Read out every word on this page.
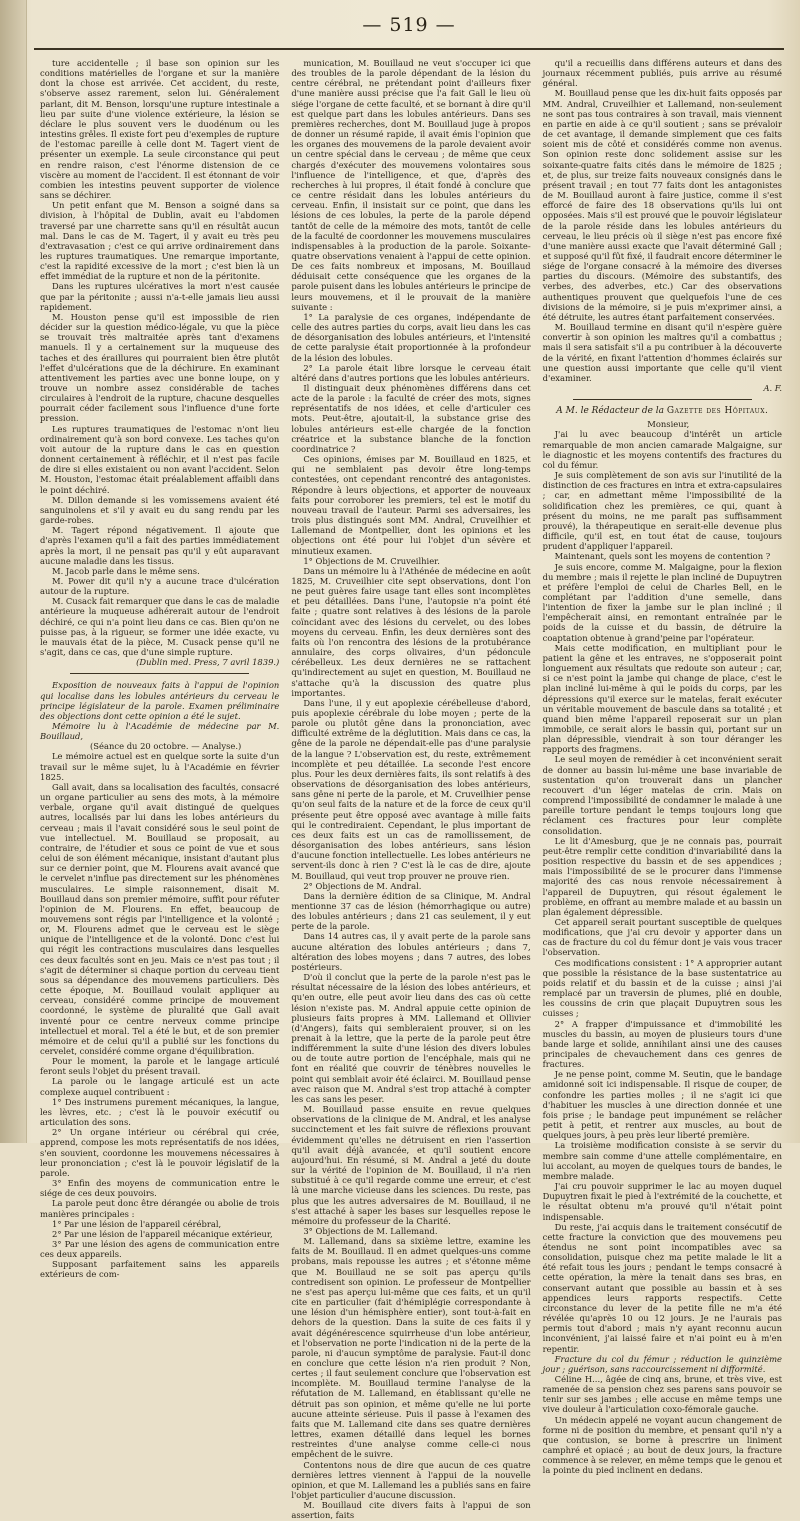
— 519 —

ture accidentelle ; il base son opinion sur les conditions matérielles de l'organe et sur la manière dont la chose est arrivée. Cet accident, du reste, s'observe assez rarement, selon lui. Généralement parlant, dit M. Benson, lorsqu'une rupture intestinale a lieu par suite d'une violence extérieure, la lésion se déclare le plus souvent vers le duodénum ou les intestins grêles. Il existe fort peu d'exemples de rupture de l'estomac pareille à celle dont M. Tagert vient de présenter un exemple. La seule circonstance qui peut en rendre raison, c'est l'énorme distension de ce viscère au moment de l'accident. Il est étonnant de voir combien les intestins peuvent supporter de violence sans se déchirer.

Un petit enfant que M. Benson a soigné dans sa division, à l'hôpital de Dublin, avait eu l'abdomen traversé par une charrette sans qu'il en résultât aucun mal. Dans le cas de M. Tagert, il y avait eu très peu d'extravasation ; c'est ce qui arrive ordinairement dans les ruptures traumatiques. Une remarque importante, c'est la rapidité excessive de la mort ; c'est bien là un effet immédiat de la rupture et non de la péritonite.

Dans les ruptures ulcératives la mort n'est causée que par la péritonite ; aussi n'a-t-elle jamais lieu aussi rapidement.

M. Houston pense qu'il est impossible de rien décider sur la question médico-légale, vu que la pièce se trouvait très maltraitée après tant d'examens manuels. Il y a certainement sur la muqueuse des taches et des éraillures qui pourraient bien être plutôt l'effet d'ulcérations que de la déchirure. En examinant attentivement les parties avec une bonne loupe, on y trouve un nombre assez considérable de taches circulaires à l'endroit de la rupture, chacune desquelles pourrait céder facilement sous l'influence d'une forte pression.

Les ruptures traumatiques de l'estomac n'ont lieu ordinairement qu'à son bord convexe. Les taches qu'on voit autour de la rupture dans le cas en question donnent certainement à réfléchir, et il n'est pas facile de dire si elles existaient ou non avant l'accident. Selon M. Houston, l'estomac était préalablement affaibli dans le point déchiré.

M. Dillon demande si les vomissemens avaient été sanguinolens et s'il y avait eu du sang rendu par les garde-robes.

M. Tagert répond négativement. Il ajoute que d'après l'examen qu'il a fait des parties immédiatement après la mort, il ne pensait pas qu'il y eût auparavant aucune maladie dans les tissus.

M. Jacob parle dans le même sens.

M. Power dit qu'il n'y a aucune trace d'ulcération autour de la rupture.

M. Cusack fait remarquer que dans le cas de maladie antérieure la muqueuse adhérerait autour de l'endroit déchiré, ce qui n'a point lieu dans ce cas. Bien qu'on ne puisse pas, à la rigueur, se former une idée exacte, vu le mauvais état de la pièce, M. Cusack pense qu'il ne s'agit, dans ce cas, que d'une simple rupture.

(Dublin med. Press, 7 avril 1839.)

Exposition de nouveaux faits à l'appui de l'opinion qui localise dans les lobules antérieurs du cerveau le principe législateur de la parole. Examen préliminaire des objections dont cette opinion a été le sujet.

Mémoire lu à l'Académie de médecine par M. Bouillaud,

(Séance du 20 octobre. — Analyse.)

Le mémoire actuel est en quelque sorte la suite d'un travail sur le même sujet, lu à l'Académie en février 1825.

Gall avait, dans sa localisation des facultés, consacré un organe particulier au sens des mots, à la mémoire verbale, organe qu'il avait distingué de quelques autres, localisés par lui dans les lobes antérieurs du cerveau ; mais il l'avait considéré sous le seul point de vue intellectuel. M. Bouillaud se proposait, au contraire, de l'étudier et sous ce point de vue et sous celui de son élément mécanique, insistant d'autant plus sur ce dernier point, que M. Flourens avait avancé que le cervelet n'influe pas directement sur les phénomènes musculaires. Le simple raisonnement, disait M. Bouillaud dans son premier mémoire, suffit pour réfuter l'opinion de M. Flourens. En effet, beaucoup de mouvemens sont régis par l'intelligence et la volonté ; or, M. Flourens admet que le cerveau est le siège unique de l'intelligence et de la volonté. Donc c'est lui qui régit les contractions musculaires dans lesquelles ces deux facultés sont en jeu. Mais ce n'est pas tout ; il s'agit de déterminer si chaque portion du cerveau tient sous sa dépendance des mouvemens particuliers. Dès cette époque, M. Bouillaud voulait appliquer au cerveau, considéré comme principe de mouvement coordonné, le système de pluralité que Gall avait inventé pour ce centre nerveux comme principe intellectuel et moral. Tel a été le but, et de son premier mémoire et de celui qu'il a publié sur les fonctions du cervelet, considéré comme organe d'équilibration.

Pour le moment, la parole et le langage articulé feront seuls l'objet du présent travail.

La parole ou le langage articulé est un acte complexe auquel contribuent :

1° Des instrumens purement mécaniques, la langue, les lèvres, etc. ; c'est là le pouvoir exécutif ou articulation des sons.

2° Un organe intérieur ou cérébral qui crée, apprend, compose les mots représentatifs de nos idées, s'en souvient, coordonne les mouvemens nécessaires à leur prononciation ; c'est là le pouvoir législatif de la parole.

3° Enfin des moyens de communication entre le siége de ces deux pouvoirs.

La parole peut donc être dérangée ou abolie de trois manières principales :

1° Par une lésion de l'appareil cérébral,

2° Par une lésion de l'appareil mécanique extérieur,

3° Par une lésion des agens de communication entre ces deux appareils.

Supposant parfaitement sains les appareils extérieurs de com-

munication, M. Bouillaud ne veut s'occuper ici que des troubles de la parole dépendant de la lésion du centre cérébral, ne prétendant point d'ailleurs fixer d'une manière aussi précise que l'a fait Gall le lieu où siége l'organe de cette faculté, et se bornant à dire qu'il est quelque part dans les lobules antérieurs. Dans ses premières recherches, dont M. Bouillaud juge à propos de donner un résumé rapide, il avait émis l'opinion que les organes des mouvemens de la parole devaient avoir un centre spécial dans le cerveau ; de même que ceux chargés d'exécuter des mouvemens volontaires sous l'influence de l'intelligence, et que, d'après des recherches à lui propres, il était fondé à conclure que ce centre résidait dans les lobules antérieurs du cerveau. Enfin, il insistait sur ce point, que dans les lésions de ces lobules, la perte de la parole dépend tantôt de celle de la mémoire des mots, tantôt de celle de la faculté de coordonner les mouvemens musculaires indispensables à la production de la parole. Soixante-quatre observations venaient à l'appui de cette opinion. De ces faits nombreux et imposans, M. Bouillaud déduisait cette conséquence que les organes de la parole puisent dans les lobules antérieurs le principe de leurs mouvemens, et il le prouvait de la manière suivante :

1° La paralysie de ces organes, indépendante de celle des autres parties du corps, avait lieu dans les cas de désorganisation des lobules antérieurs, et l'intensité de cette paralysie était proportionnée à la profondeur de la lésion des lobules.

2° La parole était libre lorsque le cerveau était altéré dans d'autres portions que les lobules antérieurs.

Il distinguait deux phénomènes différens dans cet acte de la parole : la faculté de créer des mots, signes représentatifs de nos idées, et celle d'articuler ces mots. Peut-être, ajoutait-il, la substance grise des lobules antérieurs est-elle chargée de la fonction créatrice et la substance blanche de la fonction coordinatrice ?

Ces opinions, émises par M. Bouillaud en 1825, et qui ne semblaient pas devoir être long-temps contestées, ont cependant rencontré des antagonistes. Répondre à leurs objections, et apporter de nouveaux faits pour corroborer les premiers, tel est le motif du nouveau travail de l'auteur. Parmi ses adversaires, les trois plus distingués sont MM. Andral, Cruveilhier et Lallemand de Montpellier, dont les opinions et les objections ont été pour lui l'objet d'un sévère et minutieux examen.

1° Objections de M. Cruveilhier.

Dans un mémoire lu à l'Athénée de médecine en août 1825, M. Cruveilhier cite sept observations, dont l'on ne peut guères faire usage tant elles sont incomplètes et peu détaillées. Dans l'une, l'autopsie n'a point été faite ; quatre sont relatives à des lésions de la parole coïncidant avec des lésions du cervelet, ou des lobes moyens du cerveau. Enfin, les deux dernières sont des faits où l'on rencontra des lésions de la protubérance annulaire, des corps olivaires, d'un pédoncule cérébelleux. Les deux dernières ne se rattachent qu'indirectement au sujet en question, M. Bouillaud ne s'attache qu'à la discussion des quatre plus importantes.

Dans l'une, il y eut apoplexie cérébelleuse d'abord, puis apoplexie cérébrale du lobe moyen ; perte de la parole ou plutôt gêne dans la prononciation, avec difficulté extrême de la déglutition. Mais dans ce cas, la gêne de la parole ne dépendait-elle pas d'une paralysie de la langue ? L'observation est, du reste, extrêmement incomplète et peu détaillée. La seconde l'est encore plus. Pour les deux dernières faits, ils sont relatifs à des observations de désorganisation des lobes antérieurs, sans gêne ni perte de la parole, et M. Cruveilhier pense qu'on seul faits de la nature et de la force de ceux qu'il présente peut être opposé avec avantage à mille faits qui le contrediraient. Cependant, le plus important de ces deux faits est un cas de ramollissement, de désorganisation des lobes antérieurs, sans lésion d'aucune fonction intellectuelle. Les lobes antérieurs ne servent-ils donc à rien ? C'est là le cas de dire, ajoute M. Bouillaud, qui veut trop prouver ne prouve rien.

2° Objections de M. Andral.

Dans la dernière édition de sa Clinique, M. Andral mentionne 37 cas de lésion (hémorrhagique ou autre) des lobules antérieurs ; dans 21 cas seulement, il y eut perte de la parole.

Dans 14 autres cas, il y avait perte de la parole sans aucune altération des lobules antérieurs ; dans 7, altération des lobes moyens ; dans 7 autres, des lobes postérieurs.

D'où il conclut que la perte de la parole n'est pas le résultat nécessaire de la lésion des lobes antérieurs, et qu'en outre, elle peut avoir lieu dans des cas où cette lésion n'existe pas. M. Andral appuie cette opinion de plusieurs faits propres à MM. Lallemand et Ollivier (d'Angers), faits qui sembleraient prouver, si on les prenait à la lettre, que la perte de la parole peut être indifféremment la suite d'une lésion des divers lobules ou de toute autre portion de l'encéphale, mais qui ne font en réalité que couvrir de ténèbres nouvelles le point qui semblait avoir été éclairci. M. Bouillaud pense avec raison que M. Andral s'est trop attaché à compter les cas sans les peser.

M. Bouillaud passe ensuite en revue quelques observations de la clinique de M. Andral, et les analyse succinctement et les fait suivre de réflexions prouvant évidemment qu'elles ne détruisent en rien l'assertion qu'il avait déjà avancée, et qu'il soutient encore aujourd'hui. En résumé, si M. Andral a jeté du doute sur la vérité de l'opinion de M. Bouillaud, il n'a rien substitué à ce qu'il regarde comme une erreur, et c'est là une marche vicieuse dans les sciences. Du reste, pas plus que les autres adversaires de M. Bouillaud, il ne s'est attaché à saper les bases sur lesquelles repose le mémoire du professeur de la Charité.

3° Objections de M. Lallemand.

M. Lallemand, dans sa sixième lettre, examine les faits de M. Bouillaud. Il en admet quelques-uns comme probans, mais repousse les autres ; et s'étonne même que M. Bouillaud ne se soit pas aperçu qu'ils contredisent son opinion. Le professeur de Montpellier ne s'est pas aperçu lui-même que ces faits, et un qu'il cite en particulier (fait d'hémiplégie correspondante à une lésion d'un hémisphère entier), sont tout-à-fait en dehors de la question. Dans la suite de ces faits il y avait dégénérescence squirrheuse d'un lobe antérieur, et l'observation ne porte l'indication ni de la perte de la parole, ni d'aucun symptôme de paralysie. Faut-il donc en conclure que cette lésion n'a rien produit ? Non, certes ; il faut seulement conclure que l'observation est incomplète. M. Bouillaud termine l'analyse de la réfutation de M. Lallemand, en établissant qu'elle ne détruit pas son opinion, et même qu'elle ne lui porte aucune atteinte sérieuse. Puis il passe à l'examen des faits que M. Lallemand cite dans ses quatre dernières lettres, examen détaillé dans lequel les bornes restreintes d'une analyse comme celle-ci nous empêchent de le suivre.

Contentons nous de dire que aucun de ces quatre dernières lettres viennent à l'appui de la nouvelle opinion, et que M. Lallemand les a publiés sans en faire l'objet particulier d'aucune discussion.

M. Bouillaud cite divers faits à l'appui de son assertion, faits

qu'il a recueillis dans différens auteurs et dans des journaux récemment publiés, puis arrive au résumé général.

M. Bouillaud pense que les dix-huit faits opposés par MM. Andral, Cruveilhier et Lallemand, non-seulement ne sont pas tous contraires à son travail, mais viennent en partie en aide à ce qu'il soutient ; sans se prévaloir de cet avantage, il demande simplement que ces faits soient mis de côté et considérés comme non avenus. Son opinion reste donc solidement assise sur les soixante-quatre faits cités dans le mémoire de 1825 ; et, de plus, sur treize faits nouveaux consignés dans le présent travail ; en tout 77 faits dont les antagonistes de M. Bouillaud auront à faire justice, comme il s'est efforcé de faire des 18 observations qu'ils lui ont opposées. Mais s'il est prouvé que le pouvoir législateur de la parole réside dans les lobules antérieurs du cerveau, le lieu précis où il siège n'est pas encore fixé d'une manière aussi exacte que l'avait déterminé Gall ; et supposé qu'il fût fixé, il faudrait encore déterminer le siége de l'organe consacré à la mémoire des diverses parties du discours. (Mémoire des substantifs, des verbes, des adverbes, etc.) Car des observations authentiques prouvent que quelquefois l'une de ces divisions de la mémoire, si je puis m'exprimer ainsi, a été détruite, les autres étant parfaitement conservées.

M. Bouillaud termine en disant qu'il n'espère guère convertir à son opinion les maîtres qu'il a combattus ; mais il sera satisfait s'il a pu contribuer à la découverte de la vérité, en fixant l'attention d'hommes éclairés sur une question aussi importante que celle qu'il vient d'examiner.

A. F.

A M. le Rédacteur de la Gazette des Hôpitaux.

Monsieur,

J'ai lu avec beaucoup d'intérêt un article remarquable de mon ancien camarade Malgaigne, sur le diagnostic et les moyens contentifs des fractures du col du fémur.

Je suis complètement de son avis sur l'inutilité de la distinction de ces fractures en intra et extra-capsulaires ; car, en admettant même l'impossibilité de la solidification chez les premières, ce qui, quant à présent du moins, ne me paraît pas suffisamment prouvé), la thérapeutique en serait-elle devenue plus difficile, qu'il est, en tout état de cause, toujours prudent d'appliquer l'appareil.

Maintenant, quels sont les moyens de contention ?

Je suis encore, comme M. Malgaigne, pour la flexion du membre ; mais il rejette le plan incliné de Dupuytren et préfère l'emploi de celui de Charles Bell, en le complétant par l'addition d'une semelle, dans l'intention de fixer la jambe sur le plan incliné ; il l'empêcherait ainsi, en remontant entraînée par le poids de la cuisse et du bassin, de détruire la coaptation obtenue à grand'peine par l'opérateur.

Mais cette modification, en multipliant pour le patient la gêne et les entraves, ne s'opposerait point longuement aux résultats que redoute son auteur ; car, si ce n'est point la jambe qui change de place, c'est le plan incliné lui-même à qui le poids du corps, par les dépressions qu'il exerce sur le matelas, ferait exécuter un véritable mouvement de bascule dans sa totalité ; et quand bien même l'appareil reposerait sur un plan immobile, ce serait alors le bassin qui, portant sur un plan dépressible, viendrait à son tour déranger les rapports des fragmens.

Le seul moyen de remédier à cet inconvénient serait de donner au bassin lui-même une base invariable de sustentation qu'on trouverait dans un plancher recouvert d'un léger matelas de crin. Mais on comprend l'impossibilité de condamner le malade à une pareille torture pendant le temps toujours long que réclament ces fractures pour leur complète consolidation.

Le lit d'Amesburg, que je ne connais pas, pourrait peut-être remplir cette condition d'invariabilité dans la position respective du bassin et de ses appendices ; mais l'impossibilité de se le procurer dans l'immense majorité des cas nous renvoie nécessairement à l'appareil de Dupuytren, qui résout également le problème, en offrant au membre malade et au bassin un plan également dépressible.

Cet appareil serait pourtant susceptible de quelques modifications, que j'ai cru devoir y apporter dans un cas de fracture du col du fémur dont je vais vous tracer l'observation.

Ces modifications consistent : 1° A approprier autant que possible la résistance de la base sustentatrice au poids relatif et du bassin et de la cuisse ; ainsi j'ai remplacé par un traversin de plumes, plié en double, les coussins de crin que plaçait Dupuytren sous les cuisses ;

2° A frapper d'impuissance et d'immobilité les muscles du bassin, au moyen de plusieurs tours d'une bande large et solide, annihilant ainsi une des causes principales de chevauchement dans ces genres de fractures.

Je ne pense point, comme M. Seutin, que le bandage amidonné soit ici indispensable. Il risque de couper, de confondre les parties molles ; il ne s'agit ici que d'habituer les muscles à une direction donnée et une fois prise ; le bandage peut impunément se relâcher petit à petit, et rentrer aux muscles, au bout de quelques jours, à peu près leur liberté première.

La troisième modification consiste à se servir du membre sain comme d'une attelle complémentaire, en lui accolant, au moyen de quelques tours de bandes, le membre malade.

J'ai cru pouvoir supprimer le lac au moyen duquel Dupuytren fixait le pied à l'extrémité de la couchette, et le résultat obtenu m'a prouvé qu'il n'était point indispensable.

Du reste, j'ai acquis dans le traitement consécutif de cette fracture la conviction que des mouvemens peu étendus ne sont point incompatibles avec sa consolidation, puisque chez ma petite malade le lit a été refait tous les jours ; pendant le temps consacré à cette opération, la mère la tenait dans ses bras, en conservant autant que possible au bassin et à ses appendices leurs rapports respectifs. Cette circonstance du lever de la petite fille ne m'a été révélée qu'après 10 ou 12 jours. Je ne l'aurais pas permis tout d'abord ; mais n'y ayant reconnu aucun inconvénient, j'ai laissé faire et n'ai point eu à m'en repentir.

Fracture du col du fémur ; réduction le quinzième jour ; guérison, sans raccourcissement ni difformité.

Céline H..., âgée de cinq ans, brune, et très vive, est ramenée de sa pension chez ses parens sans pouvoir se tenir sur ses jambes ; elle accuse en même temps une vive douleur à l'articulation coxo-fémorale gauche.

Un médecin appelé ne voyant aucun changement de forme ni de position du membre, et pensant qu'il n'y a que contusion, se borne à prescrire un liniment camphré et opiacé ; au bout de deux jours, la fracture commence à se relever, en même temps que le genou et la pointe du pied inclinent en dedans.
